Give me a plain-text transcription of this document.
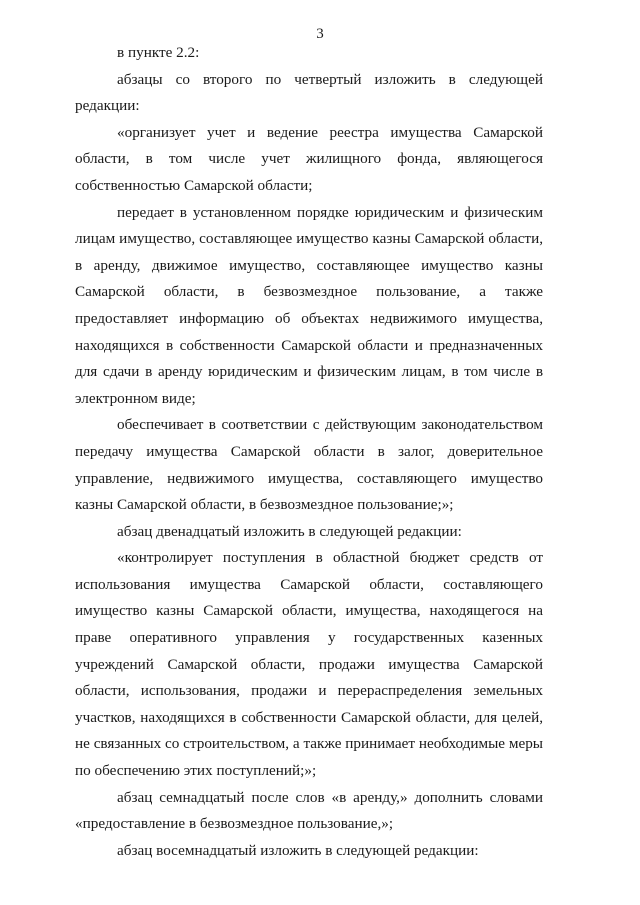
3

в пункте 2.2:

абзацы со второго по четвертый изложить в следующей редакции:

«организует учет и ведение реестра имущества Самарской области, в том числе учет жилищного фонда, являющегося собственностью Самарской области;

передает в установленном порядке юридическим и физическим лицам имущество, составляющее имущество казны Самарской области, в аренду, движимое имущество, составляющее имущество казны Самарской области, в безвозмездное пользование, а также предоставляет информацию об объектах недвижимого имущества, находящихся в собственности Самарской области и предназначенных для сдачи в аренду юридическим и физическим лицам, в том числе в электронном виде;

обеспечивает в соответствии с действующим законодательством передачу имущества Самарской области в залог, доверительное управление, недвижимого имущества, составляющего имущество казны Самарской области, в безвозмездное пользование;»;

абзац двенадцатый изложить в следующей редакции:

«контролирует поступления в областной бюджет средств от использования имущества Самарской области, составляющего имущество казны Самарской области, имущества, находящегося на праве оперативного управления у государственных казенных учреждений Самарской области, продажи имущества Самарской области, использования, продажи и перераспределения земельных участков, находящихся в собственности Самарской области, для целей, не связанных со строительством, а также принимает необходимые меры по обеспечению этих поступлений;»;

абзац семнадцатый после слов «в аренду,» дополнить словами «предоставление в безвозмездное пользование,»;

абзац восемнадцатый изложить в следующей редакции:
